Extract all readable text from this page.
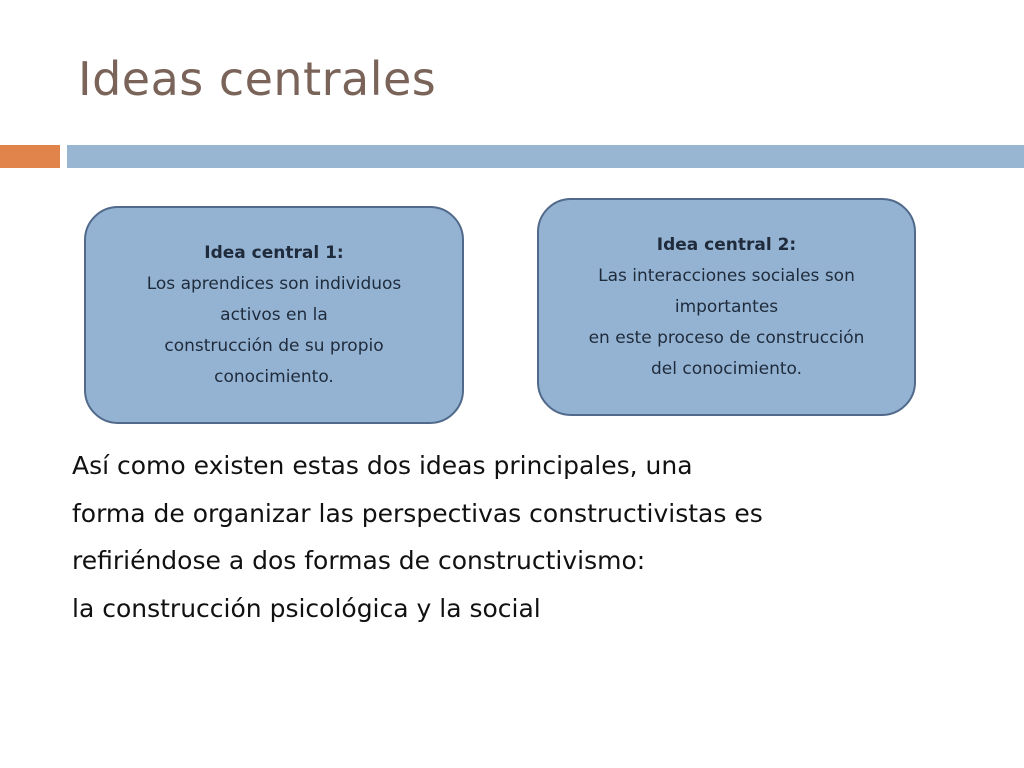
Ideas centrales
Idea central 1:
Los aprendices son individuos
activos en la
construcción de su propio
conocimiento.
Idea central 2:
Las interacciones sociales son
importantes
en este proceso de construcción
del conocimiento.
Así como existen estas dos ideas principales, una
forma de organizar las perspectivas constructivistas es
refiriéndose a dos formas de constructivismo:
la construcción psicológica y la social
